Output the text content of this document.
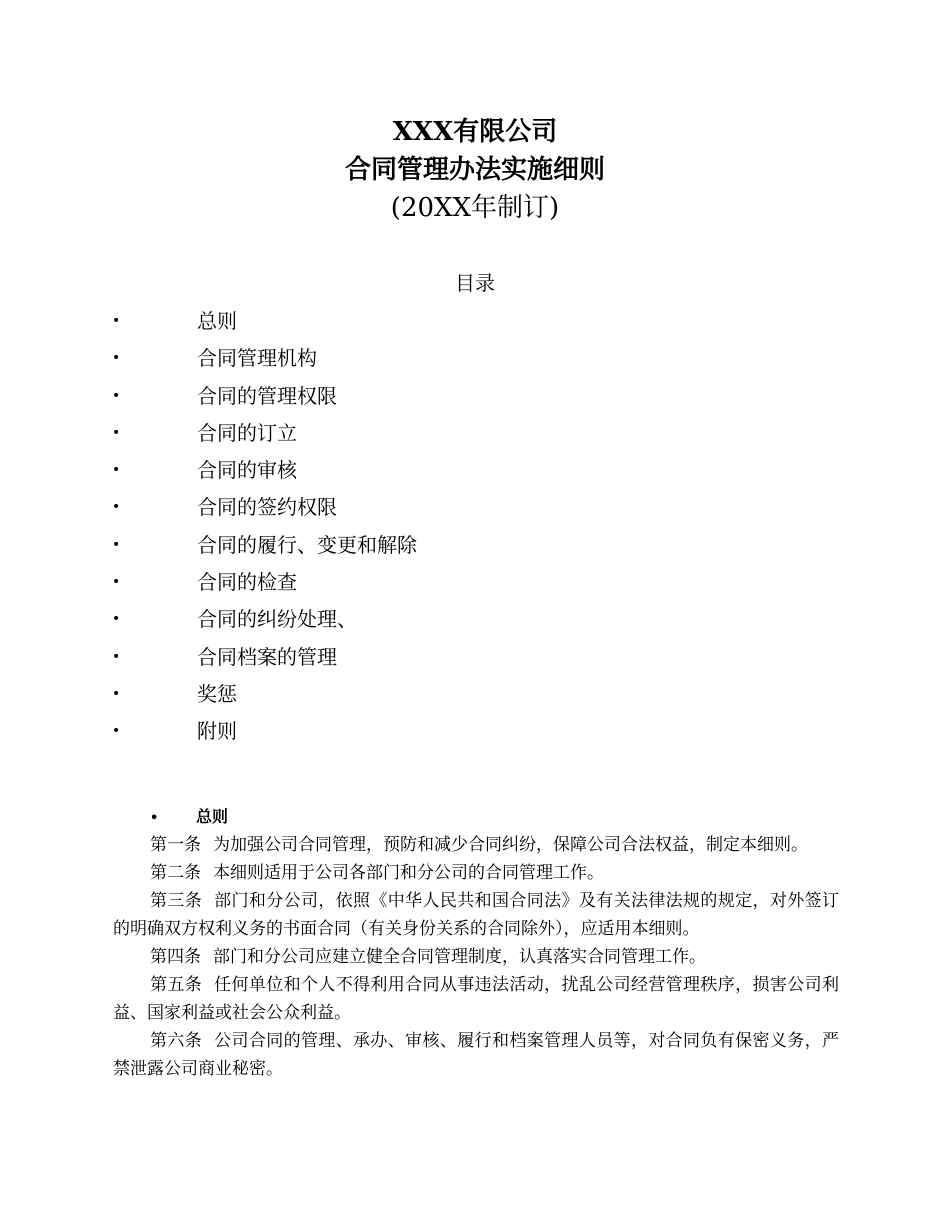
XXX有限公司
合同管理办法实施细则
(20XX年制订)
目录
•	总则
•	合同管理机构
•	合同的管理权限
•	合同的订立
•	合同的审核
•	合同的签约权限
•	合同的履行、变更和解除
•	合同的检查
•	合同的纠纷处理、
•	合同档案的管理
•	奖惩
•	附则
• 总则

第一条 为加强公司合同管理，预防和减少合同纠纷，保障公司合法权益，制定本细则。

第二条 本细则适用于公司各部门和分公司的合同管理工作。

第三条 部门和分公司，依照《中华人民共和国合同法》及有关法律法规的规定，对外签订的明确双方权利义务的书面合同（有关身份关系的合同除外），应适用本细则。

第四条 部门和分公司应建立健全合同管理制度，认真落实合同管理工作。

第五条 任何单位和个人不得利用合同从事违法活动，扰乱公司经营管理秩序，损害公司利益、国家利益或社会公众利益。

第六条 公司合同的管理、承办、审核、履行和档案管理人员等，对合同负有保密义务，严禁泄露公司商业秘密。
